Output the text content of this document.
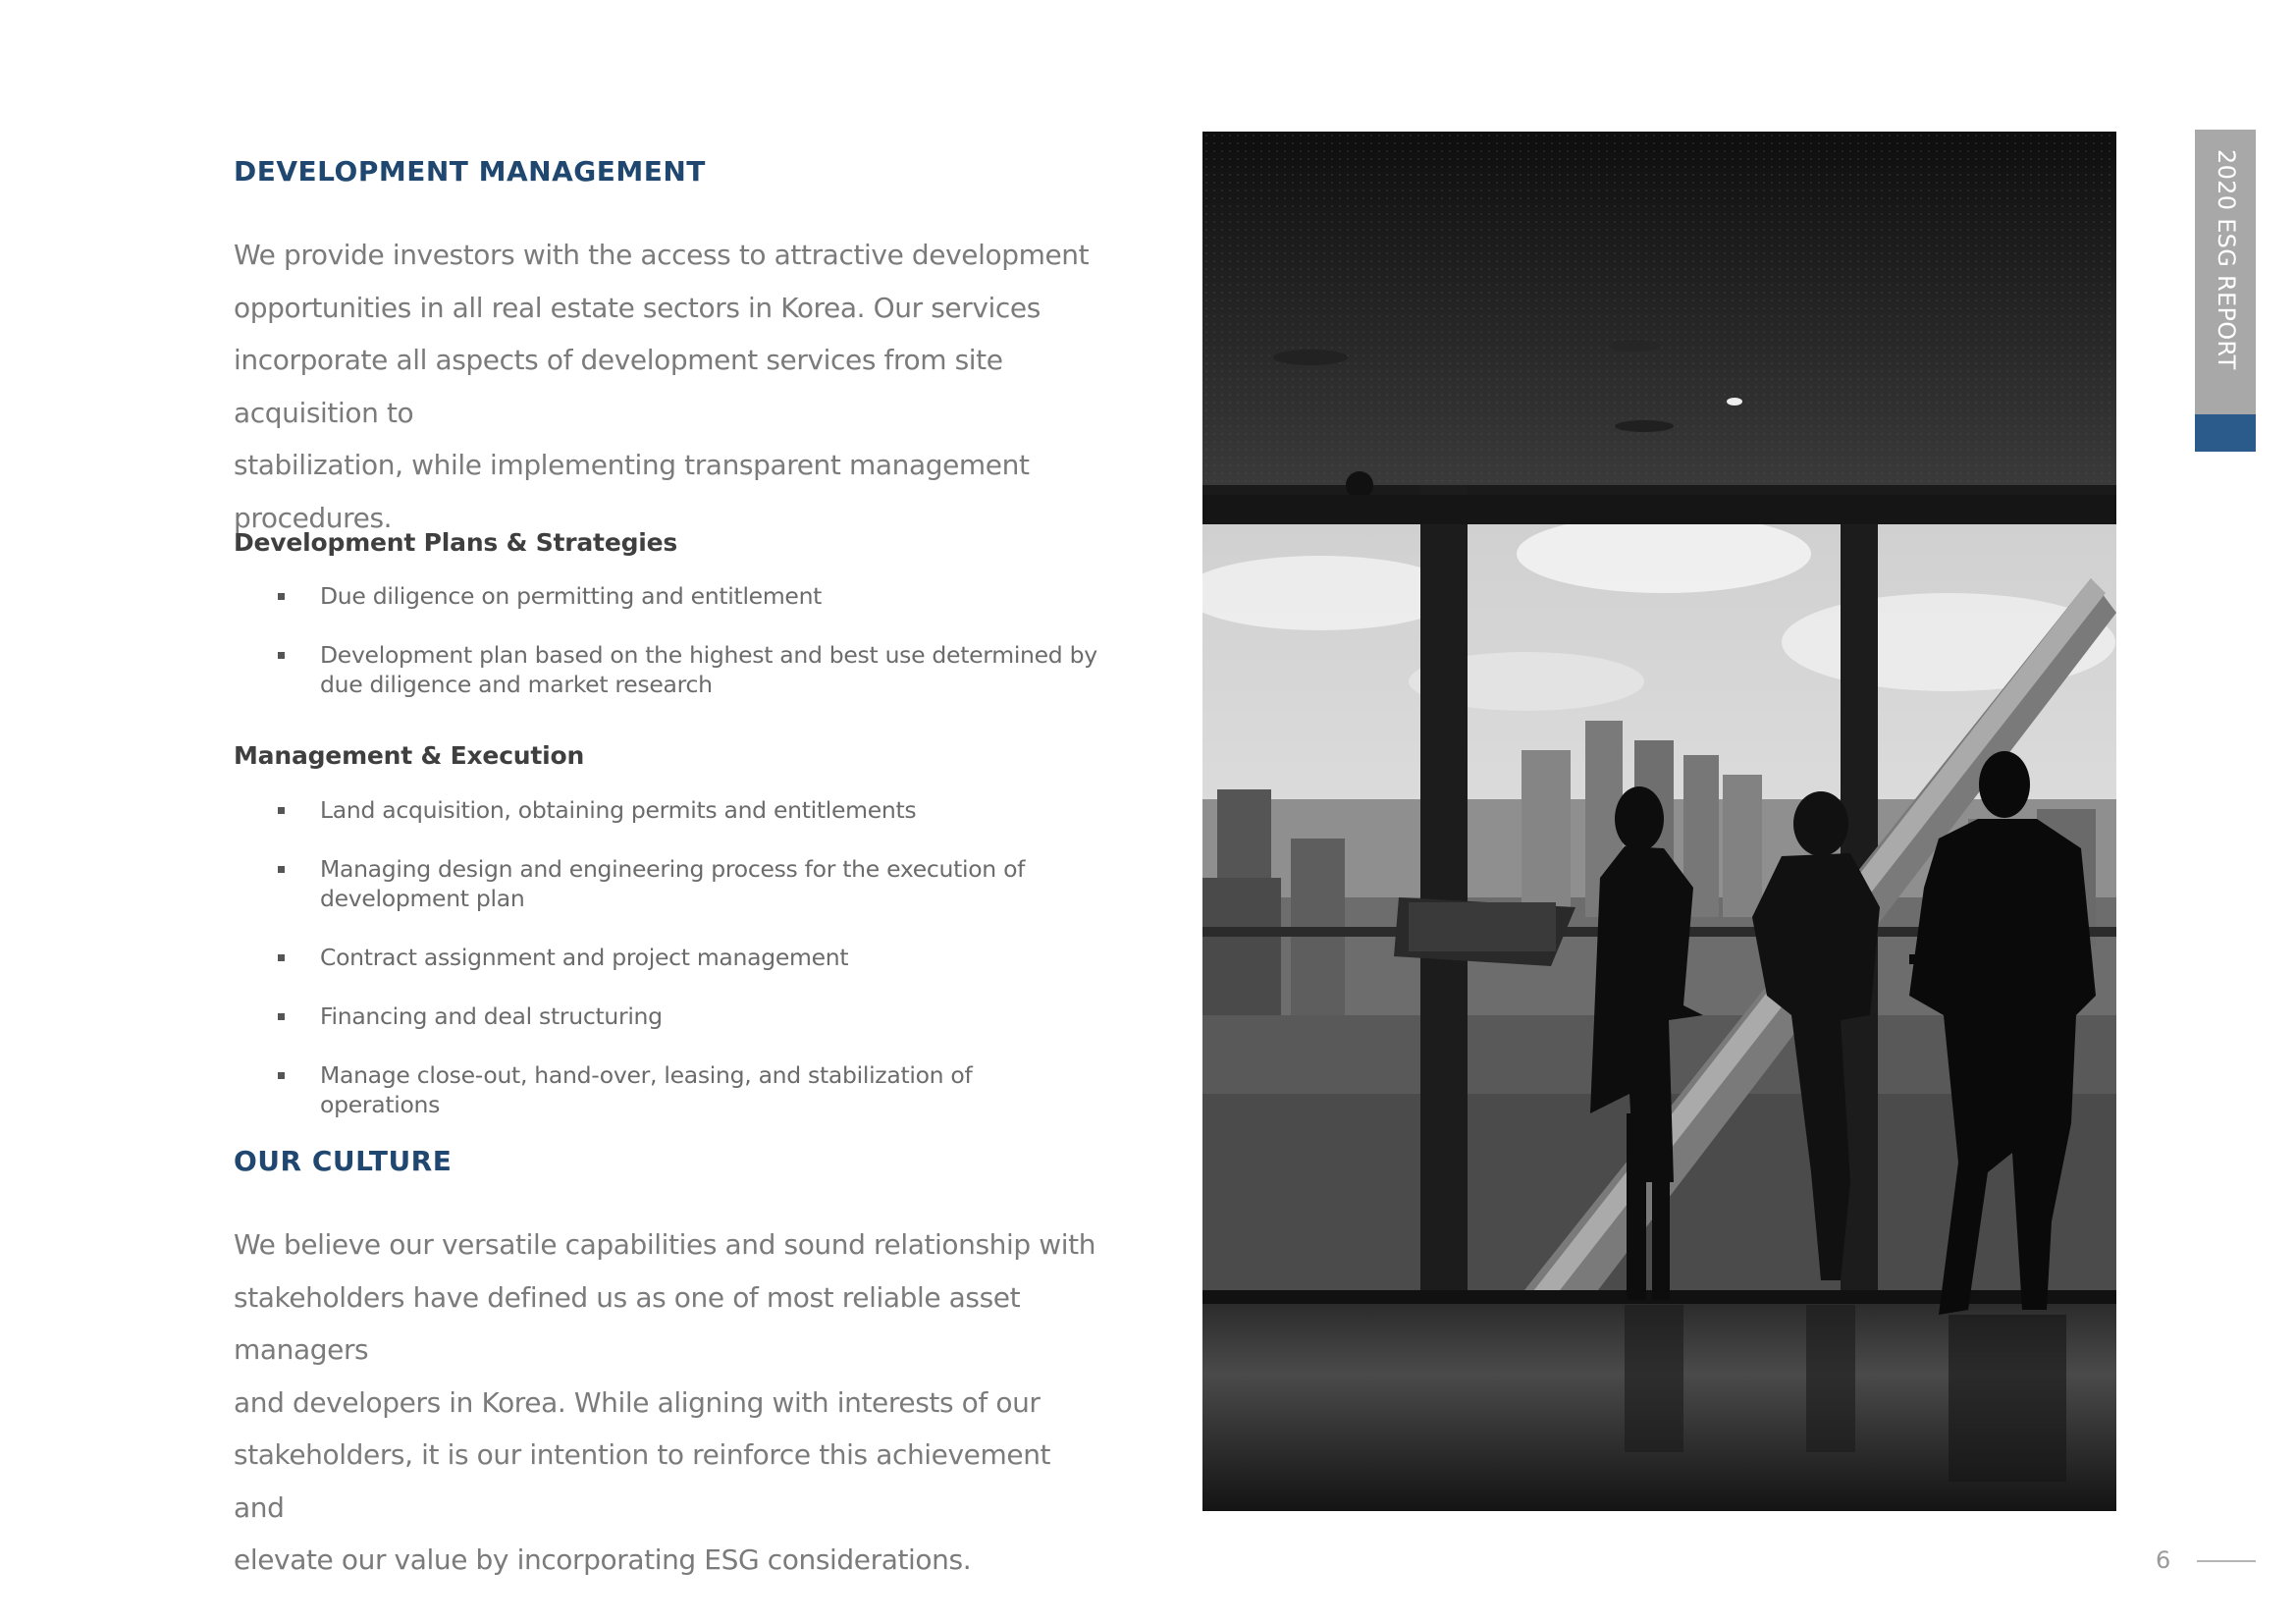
DEVELOPMENT MANAGEMENT

We provide investors with the access to attractive development
opportunities in all real estate sectors in Korea. Our services
incorporate all aspects of development services from site acquisition to
stabilization, while implementing transparent management
procedures.

Development Plans & Strategies
Due diligence on permitting and entitlement
Development plan based on the highest and best use determined by
due diligence and market research
Management & Execution
Land acquisition, obtaining permits and entitlements
Managing design and engineering process for the execution of
development plan
Contract assignment and project management
Financing and deal structuring
Manage close-out, hand-over, leasing, and stabilization of operations
OUR CULTURE

We believe our versatile capabilities and sound relationship with
stakeholders have defined us as one of most reliable asset managers
and developers in Korea. While aligning with interests of our
stakeholders, it is our intention to reinforce this achievement and
elevate our value by incorporating ESG considerations.

2020 ESG REPORT
6
